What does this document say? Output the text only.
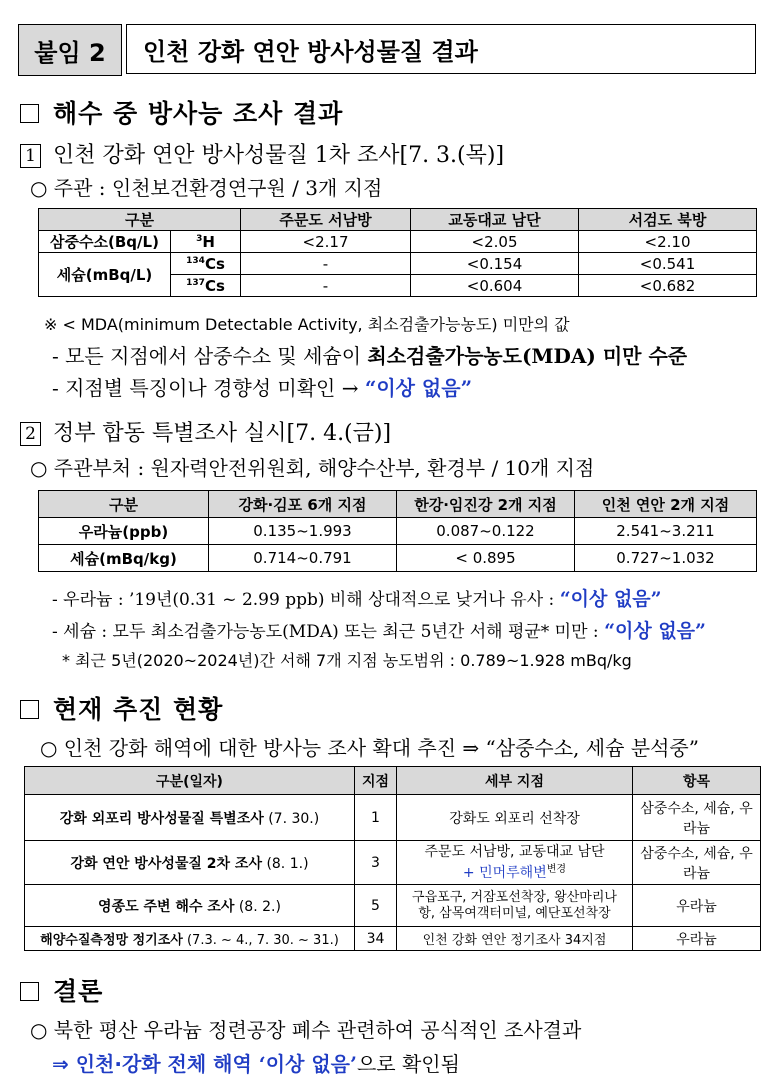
붙임 2 인천 강화 연안 방사성물질 결과
해수 중 방사능 조사 결과
1 인천 강화 연안 방사성물질 1차 조사[7. 3.(목)]
○ 주관 : 인천보건환경연구원 / 3개 지점
구분		주문도 서남방	교동대교 남단	서검도 북방
삼중수소(Bq/L)	$^3$H	<2.17	<2.05	<2.10
세슘(mBq/L)	$^{134}$Cs	-	<0.154	<0.541
	$^{137}$Cs	-	<0.604	<0.682
※ < MDA(minimum Detectable Activity, 최소검출가능농도) 미만의 값
- 모든 지점에서 삼중수소 및 세슘이 최소검출가능농도(MDA) 미만 수준
- 지점별 특징이나 경향성 미확인 → “이상 없음”
2 정부 합동 특별조사 실시[7. 4.(금)]
○ 주관부처 : 원자력안전위원회, 해양수산부, 환경부 / 10개 지점
구분	강화·김포 6개 지점	한강·임진강 2개 지점	인천 연안 2개 지점
우라늄(ppb)	0.135~1.993	0.087~0.122	2.541~3.211
세슘(mBq/kg)	0.714~0.791	< 0.895	0.727~1.032
- 우라늄 : ’19년(0.31 ~ 2.99 ppb) 비해 상대적으로 낮거나 유사 : “이상 없음”
- 세슘 : 모두 최소검출가능농도(MDA) 또는 최근 5년간 서해 평균* 미만 : “이상 없음”
* 최근 5년(2020~2024년)간 서해 7개 지점 농도범위 : 0.789~1.928 mBq/kg
현재 추진 현황
○ 인천 강화 해역에 대한 방사능 조사 확대 추진 ⇒ “삼중수소, 세슘 분석중”
구분(일자)	지점	세부 지점	항목
강화 외포리 방사성물질 특별조사 (7. 30.)	1	강화도 외포리 선착장	삼중수소, 세슘, 우라늄
강화 연안 방사성물질 2차 조사 (8. 1.)	3	주문도 서남방, 교동대교 남단
+ 민머루해변$^{변경}$	삼중수소, 세슘, 우라늄
영종도 주변 해수 조사 (8. 2.)	5	구읍포구, 거잠포선착장, 왕산마리나항, 삼목여객터미널, 예단포선착장	우라늄
해양수질측정망 정기조사 (7.3. ~ 4., 7. 30. ~ 31.)	34	인천 강화 연안 정기조사 34지점	우라늄
결론
○ 북한 평산 우라늄 정련공장 폐수 관련하여 공식적인 조사결과
⇒ 인천·강화 전체 해역 ‘이상 없음’으로 확인됨
